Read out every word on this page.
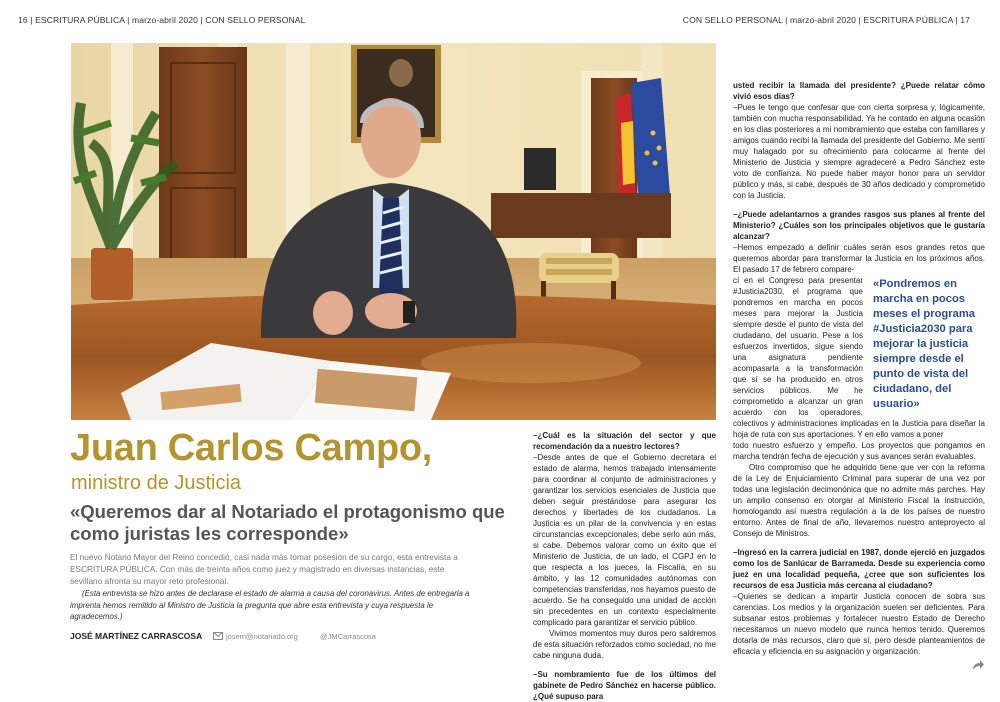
16 | ESCRITURA PÚBLICA | marzo-abril 2020 | CON SELLO PERSONAL	CON SELLO PERSONAL | marzo-abril 2020 | ESCRITURA PÚBLICA | 17

Juan Carlos Campo,

ministro de Justicia

«Queremos dar al Notariado el protagonismo que como juristas les corresponde»

El nuevo Notario Mayor del Reino concedió, casi nada más tomar posesión de su cargo, esta entrevista a ESCRITURA PÚBLICA. Con más de treinta años como juez y magistrado en diversas instancias, este sevillano afronta su mayor reto profesional.

(Esta entrevista se hizo antes de declarase el estado de alarma a causa del coronavirus. Antes de entregarla a imprenta hemos remitido al Ministro de Justicia la pregunta que abre esta entrevista y cuya respuesta le agradecemos.)

JOSÉ MARTÍNEZ CARRASCOSA	josem@notariado.org	@JMCarrascosa

–¿Cuál es la situación del sector y que recomendación da a nuestro lectores?

–Desde antes de que el Gobierno decretara el estado de alarma, hemos trabajado intensamente para coordinar al conjunto de administraciones y garantizar los servicios esenciales de Justicia que deben seguir prestándose para asegurar los derechos y libertades de los ciudadanos. La Justicia es un pilar de la convivencia y en estas circunstancias excepcionales, debe serlo aún más, si cabe. Debemos valorar como un éxito que el Ministerio de Justicia, de un lado, el CGPJ en lo que respecta a los jueces, la Fiscalía, en su ámbito, y las 12 comunidades autónomas con competencias transferidas, nos hayamos puesto de acuerdo. Se ha conseguido una unidad de acción sin precedentes en un contexto especialmente complicado para garantizar el servicio público.

Vivimos momentos muy duros pero saldremos de esta situación reforzados como sociedad, no me cabe ninguna duda.

–Su nombramiento fue de los últimos del gabinete de Pedro Sánchez en hacerse público. ¿Qué supuso para

usted recibir la llamada del presidente? ¿Puede relatar cómo vivió esos días?

–Pues le tengo que confesar que con cierta sorpresa y, lógicamente, también con mucha responsabilidad. Ya he contado en alguna ocasión en los días posteriores a mi nombramiento que estaba con familiares y amigos cuando recibí la llamada del presidente del Gobierno. Me sentí muy halagado por su ofrecimiento para colocarme al frente del Ministerio de Justicia y siempre agradeceré a Pedro Sánchez este voto de confianza. No puede haber mayor honor para un servidor público y más, si cabe, después de 30 años dedicado y comprometido con la Justicia.

–¿Puede adelantarnos a grandes rasgos sus planes al frente del Ministerio? ¿Cuáles son los principales objetivos que le gustaría alcanzar?

–Hemos empezado a definir cuáles serán esos grandes retos que queremos abordar para transformar la Justicia en los próximos años. El pasado 17 de febrero compare-

«Pondremos en marcha en pocos meses el programa #Justicia2030 para mejorar la justicia siempre desde el punto de vista del ciudadano, del usuario»

cí en el Congreso para presentar #Justicia2030, el programa que pondremos en marcha en pocos meses para mejorar la Justicia siempre desde el punto de vista del ciudadano, del usuario. Pese a los esfuerzos invertidos, sigue siendo una asignatura pendiente acompasarla a la transformación que sí se ha producido en otros servicios públicos. Me he comprometido a alcanzar un gran acuerdo con los operadores, colectivos y administraciones implicadas en la Justicia para diseñar la hoja de ruta con sus aportaciones. Y en ello vamos a poner

todo nuestro esfuerzo y empeño. Los proyectos que pongamos en marcha tendrán fecha de ejecución y sus avances serán evaluables.

Otro compromiso que he adquirido tiene que ver con la reforma de la Ley de Enjuiciamiento Criminal para superar de una vez por todas una legislación decimonónica que no admite más parches. Hay un amplio consenso en otorgar al Ministerio Fiscal la instrucción, homologando así nuestra regulación a la de los países de nuestro entorno. Antes de final de año, llevaremos nuestro anteproyecto al Consejo de Ministros.

–Ingresó en la carrera judicial en 1987, donde ejerció en juzgados como los de Sanlúcar de Barrameda. Desde su experiencia como juez en una localidad pequeña, ¿cree que son suficientes los recursos de esa Justicia más cercana al ciudadano?

–Quienes se dedican a impartir Justicia conocen de sobra sus carencias. Los medios y la organización suelen ser deficientes. Para subsanar estos problemas y fortalecer nuestro Estado de Derecho necesitamos un nuevo modelo que nunca hemos tenido. Queremos dotarla de más recursos, claro que sí, pero desde planteamientos de eficacia y eficiencia en su asignación y organización.
